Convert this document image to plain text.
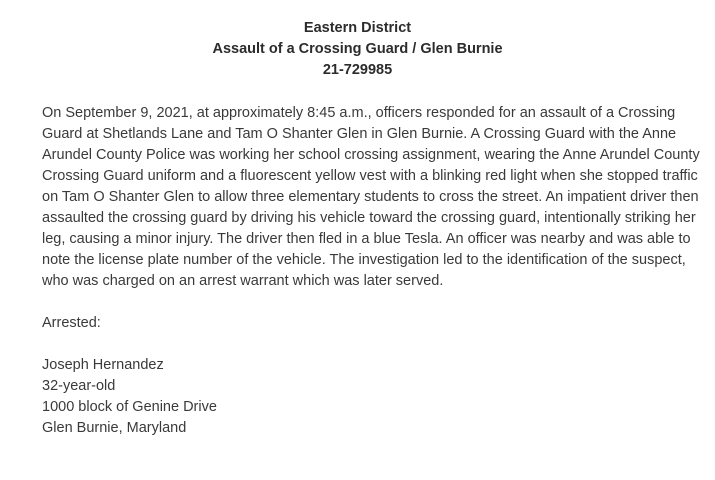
Eastern District
Assault of a Crossing Guard / Glen Burnie
21-729985

On September 9, 2021, at approximately 8:45 a.m., officers responded for an assault of a Crossing Guard at Shetlands Lane and Tam O Shanter Glen in Glen Burnie. A Crossing Guard with the Anne Arundel County Police was working her school crossing assignment, wearing the Anne Arundel County Crossing Guard uniform and a fluorescent yellow vest with a blinking red light when she stopped traffic on Tam O Shanter Glen to allow three elementary students to cross the street. An impatient driver then assaulted the crossing guard by driving his vehicle toward the crossing guard, intentionally striking her leg, causing a minor injury. The driver then fled in a blue Tesla. An officer was nearby and was able to note the license plate number of the vehicle. The investigation led to the identification of the suspect, who was charged on an arrest warrant which was later served.

Arrested:
Joseph Hernandez
32-year-old
1000 block of Genine Drive
Glen Burnie, Maryland
